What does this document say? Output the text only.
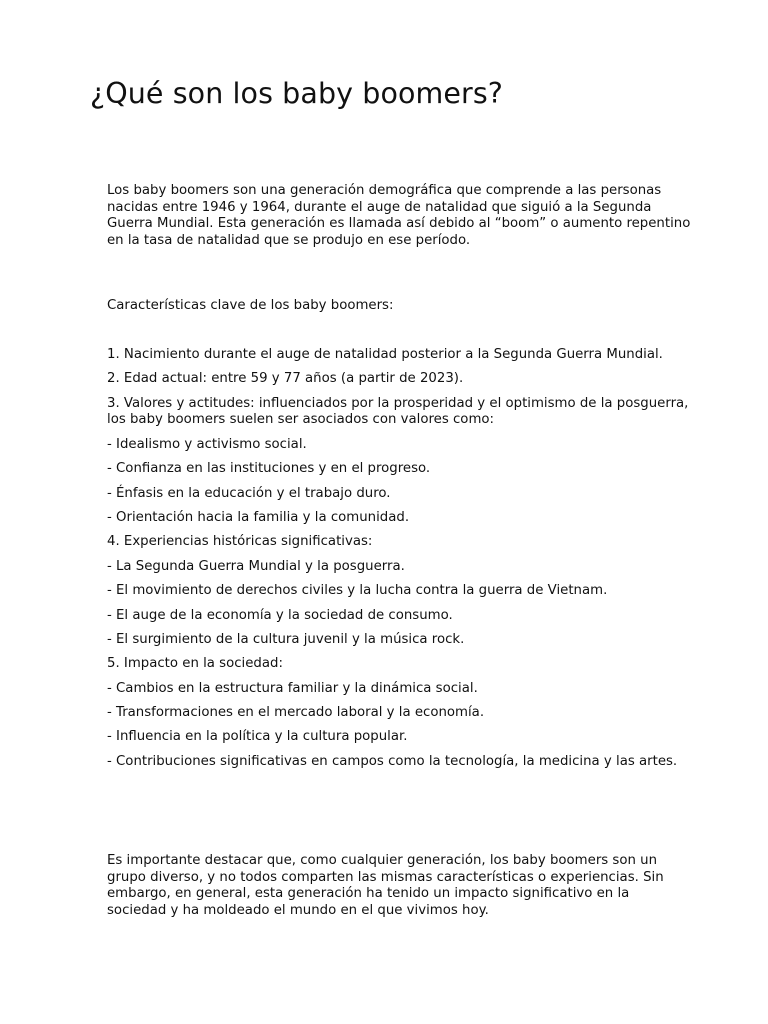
¿Qué son los baby boomers?

Los baby boomers son una generación demográfica que comprende a las personas nacidas entre 1946 y 1964, durante el auge de natalidad que siguió a la Segunda Guerra Mundial. Esta generación es llamada así debido al “boom” o aumento repentino en la tasa de natalidad que se produjo en ese período.

Características clave de los baby boomers:

1. Nacimiento durante el auge de natalidad posterior a la Segunda Guerra Mundial.
2. Edad actual: entre 59 y 77 años (a partir de 2023).
3. Valores y actitudes: influenciados por la prosperidad y el optimismo de la posguerra, los baby boomers suelen ser asociados con valores como:
- Idealismo y activismo social.
- Confianza en las instituciones y en el progreso.
- Énfasis en la educación y el trabajo duro.
- Orientación hacia la familia y la comunidad.
4. Experiencias históricas significativas:
- La Segunda Guerra Mundial y la posguerra.
- El movimiento de derechos civiles y la lucha contra la guerra de Vietnam.
- El auge de la economía y la sociedad de consumo.
- El surgimiento de la cultura juvenil y la música rock.
5. Impacto en la sociedad:
- Cambios en la estructura familiar y la dinámica social.
- Transformaciones en el mercado laboral y la economía.
- Influencia en la política y la cultura popular.
- Contribuciones significativas en campos como la tecnología, la medicina y las artes.

Es importante destacar que, como cualquier generación, los baby boomers son un grupo diverso, y no todos comparten las mismas características o experiencias. Sin embargo, en general, esta generación ha tenido un impacto significativo en la sociedad y ha moldeado el mundo en el que vivimos hoy.
